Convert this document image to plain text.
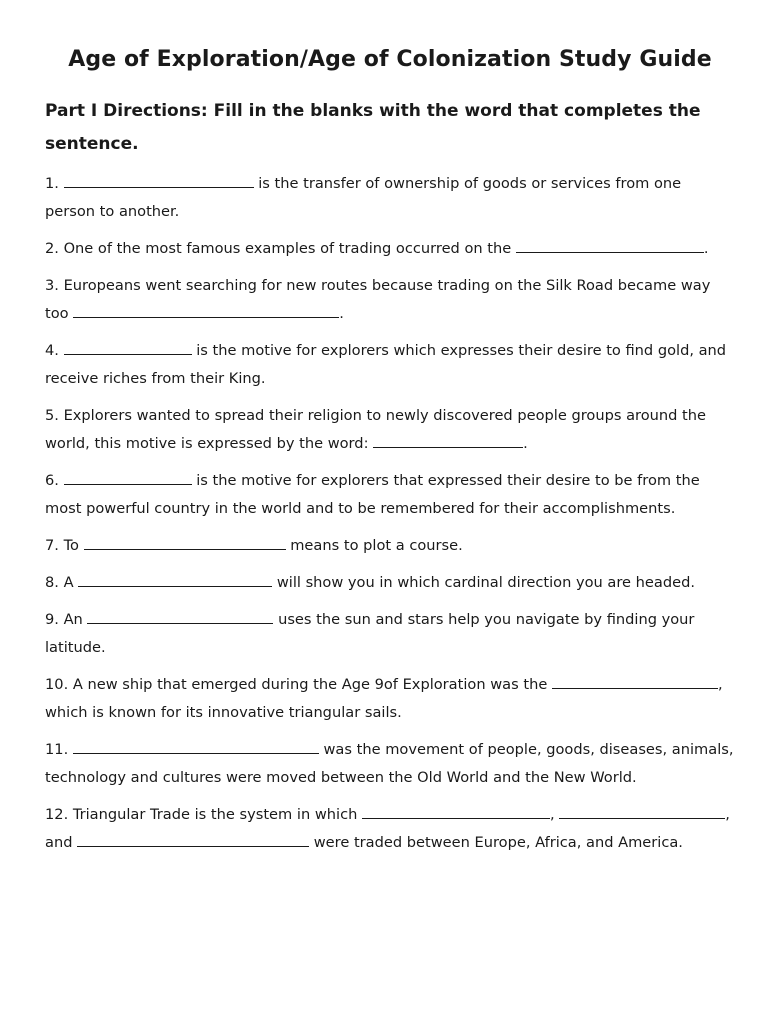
Age of Exploration/Age of Colonization Study Guide

Part I Directions: Fill in the blanks with the word that completes the sentence.

1.	is the transfer of ownership of goods or services from one person to another.

2. One of the most famous examples of trading occurred on the	.

3. Europeans went searching for new routes because trading on the Silk Road became way too	.

4.	is the motive for explorers which expresses their desire to find gold, and receive riches from their King.

5. Explorers wanted to spread their religion to newly discovered people groups around the world, this motive is expressed by the word:	.

6.	is the motive for explorers that expressed their desire to be from the most powerful country in the world and to be remembered for their accomplishments.

7. To	means to plot a course.

8. A	will show you in which cardinal direction you are headed.

9. An	uses the sun and stars help you navigate by finding your latitude.

10. A new ship that emerged during the Age 9of Exploration was the	, which is known for its innovative triangular sails.

11.	was the movement of people, goods, diseases, animals, technology and cultures were moved between the Old World and the New World.

12. Triangular Trade is the system in which	,	, and	were traded between Europe, Africa, and America.
